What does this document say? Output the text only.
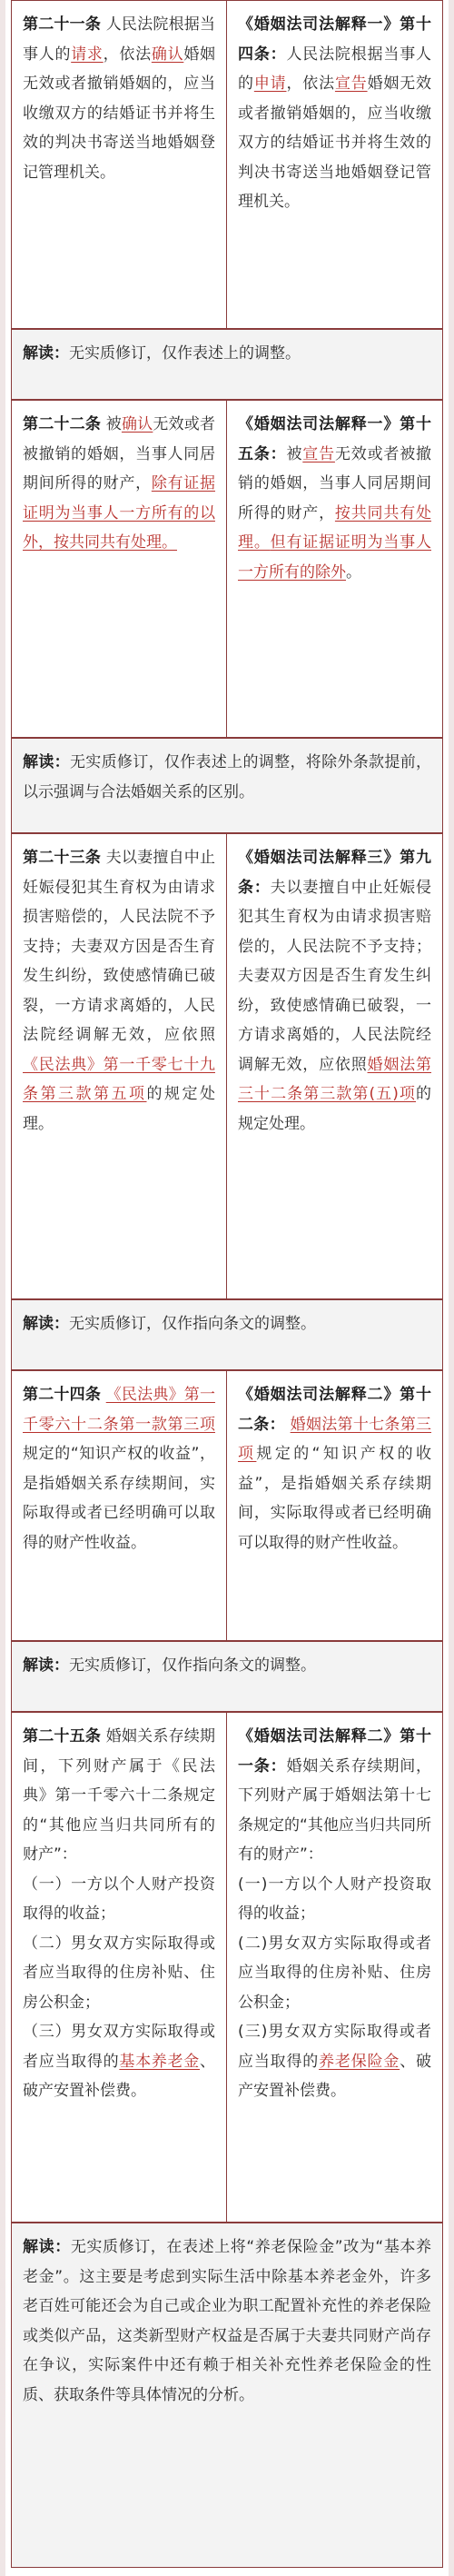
第二十一条 人民法院根据当事人的请求，依法确认婚姻无效或者撤销婚姻的，应当收缴双方的结婚证书并将生效的判决书寄送当地婚姻登记管理机关。
《婚姻法司法解释一》第十四条：人民法院根据当事人的申请，依法宣告婚姻无效或者撤销婚姻的，应当收缴双方的结婚证书并将生效的判决书寄送当地婚姻登记管理机关。
解读：无实质修订，仅作表述上的调整。
第二十二条 被确认无效或者被撤销的婚姻，当事人同居期间所得的财产，除有证据证明为当事人一方所有的以外，按共同共有处理。
《婚姻法司法解释一》第十五条：被宣告无效或者被撤销的婚姻，当事人同居期间所得的财产，按共同共有处理。但有证据证明为当事人一方所有的除外。
解读：无实质修订，仅作表述上的调整，将除外条款提前，以示强调与合法婚姻关系的区别。
第二十三条 夫以妻擅自中止妊娠侵犯其生育权为由请求损害赔偿的，人民法院不予支持；夫妻双方因是否生育发生纠纷，致使感情确已破裂，一方请求离婚的，人民法院经调解无效，应依照《民法典》第一千零七十九条第三款第五项的规定处理。
《婚姻法司法解释三》第九条：夫以妻擅自中止妊娠侵犯其生育权为由请求损害赔偿的，人民法院不予支持；夫妻双方因是否生育发生纠纷，致使感情确已破裂，一方请求离婚的，人民法院经调解无效，应依照婚姻法第三十二条第三款第(五)项的规定处理。
解读：无实质修订，仅作指向条文的调整。
第二十四条 《民法典》第一千零六十二条第一款第三项规定的“知识产权的收益”，是指婚姻关系存续期间，实际取得或者已经明确可以取得的财产性收益。
《婚姻法司法解释二》第十二条： 婚姻法第十七条第三项规定的“知识产权的收益”，是指婚姻关系存续期间，实际取得或者已经明确可以取得的财产性收益。
解读：无实质修订，仅作指向条文的调整。
第二十五条 婚姻关系存续期间，下列财产属于《民法典》第一千零六十二条规定的“其他应当归共同所有的财产”：
（一）一方以个人财产投资取得的收益；
（二）男女双方实际取得或者应当取得的住房补贴、住房公积金；
（三）男女双方实际取得或者应当取得的基本养老金、破产安置补偿费。
《婚姻法司法解释二》第十一条：婚姻关系存续期间，下列财产属于婚姻法第十七条规定的“其他应当归共同所有的财产”：
(一)一方以个人财产投资取得的收益；
(二)男女双方实际取得或者应当取得的住房补贴、住房公积金；
(三)男女双方实际取得或者应当取得的养老保险金、破产安置补偿费。
解读：无实质修订，在表述上将“养老保险金”改为“基本养老金”。这主要是考虑到实际生活中除基本养老金外，许多老百姓可能还会为自己或企业为职工配置补充性的养老保险或类似产品，这类新型财产权益是否属于夫妻共同财产尚存在争议，实际案件中还有赖于相关补充性养老保险金的性质、获取条件等具体情况的分析。
